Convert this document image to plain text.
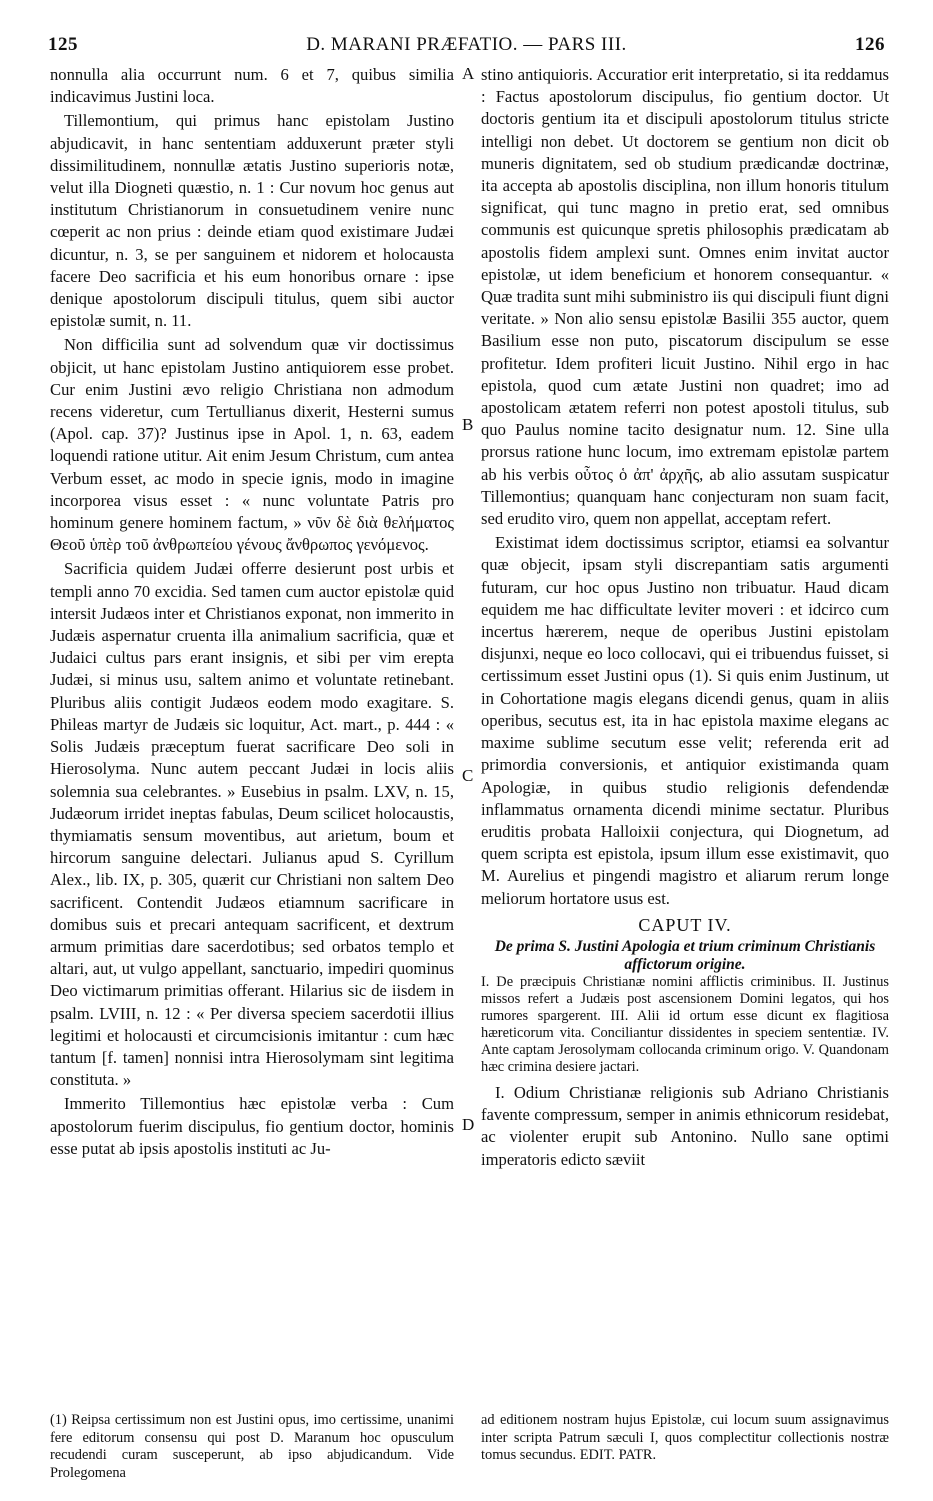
125	D. MARANI PRÆFATIO. — PARS III.	126
A
B
C
D

nonnulla alia occurrunt num. 6 et 7, quibus similia indicavimus Justini loca.

Tillemontium, qui primus hanc epistolam Justino abjudicavit, in hanc sententiam adduxerunt præter styli dissimilitudinem, nonnullæ ætatis Justino superioris notæ, velut illa Diogneti quæstio, n. 1 : Cur novum hoc genus aut institutum Christianorum in consuetudinem venire nunc cœperit ac non prius : deinde etiam quod existimare Judæi dicuntur, n. 3, se per sanguinem et nidorem et holocausta facere Deo sacrificia et his eum honoribus ornare : ipse denique apostolorum discipuli titulus, quem sibi auctor epistolæ sumit, n. 11.

Non difficilia sunt ad solvendum quæ vir doctissimus objicit, ut hanc epistolam Justino antiquiorem esse probet. Cur enim Justini ævo religio Christiana non admodum recens videretur, cum Tertullianus dixerit, Hesterni sumus (Apol. cap. 37)? Justinus ipse in Apol. 1, n. 63, eadem loquendi ratione utitur. Ait enim Jesum Christum, cum antea Verbum esset, ac modo in specie ignis, modo in imagine incorporea visus esset : « nunc voluntate Patris pro hominum genere hominem factum, » νῦν δὲ διὰ θελήματος Θεοῦ ὑπὲρ τοῦ ἀνθρωπείου γένους ἄνθρωπος γενόμενος.

Sacrificia quidem Judæi offerre desierunt post urbis et templi anno 70 excidia. Sed tamen cum auctor epistolæ quid intersit Judæos inter et Christianos exponat, non immerito in Judæis aspernatur cruenta illa animalium sacrificia, quæ et Judaici cultus pars erant insignis, et sibi per vim erepta Judæi, si minus usu, saltem animo et voluntate retinebant. Pluribus aliis contigit Judæos eodem modo exagitare. S. Phileas martyr de Judæis sic loquitur, Act. mart., p. 444 : « Solis Judæis præceptum fuerat sacrificare Deo soli in Hierosolyma. Nunc autem peccant Judæi in locis aliis solemnia sua celebrantes. » Eusebius in psalm. LXV, n. 15, Judæorum irridet ineptas fabulas, Deum scilicet holocaustis, thymiamatis sensum moventibus, aut arietum, boum et hircorum sanguine delectari. Julianus apud S. Cyrillum Alex., lib. IX, p. 305, quærit cur Christiani non saltem Deo sacrificent. Contendit Judæos etiamnum sacrificare in domibus suis et precari antequam sacrificent, et dextrum armum primitias dare sacerdotibus; sed orbatos templo et altari, aut, ut vulgo appellant, sanctuario, impediri quominus Deo victimarum primitias offerant. Hilarius sic de iisdem in psalm. LVIII, n. 12 : « Per diversa speciem sacerdotii illius legitimi et holocausti et circumcisionis imitantur : cum hæc tantum [f. tamen] nonnisi intra Hierosolymam sint legitima constituta. »

Immerito Tillemontius hæc epistolæ verba : Cum apostolorum fuerim discipulus, fio gentium doctor, hominis esse putat ab ipsis apostolis instituti ac Ju-

stino antiquioris. Accuratior erit interpretatio, si ita reddamus : Factus apostolorum discipulus, fio gentium doctor. Ut doctoris gentium ita et discipuli apostolorum titulus stricte intelligi non debet. Ut doctorem se gentium non dicit ob muneris dignitatem, sed ob studium prædicandæ doctrinæ, ita accepta ab apostolis disciplina, non illum honoris titulum significat, qui tunc magno in pretio erat, sed omnibus communis est quicunque spretis philosophis prædicatam ab apostolis fidem amplexi sunt. Omnes enim invitat auctor epistolæ, ut idem beneficium et honorem consequantur. « Quæ tradita sunt mihi subministro iis qui discipuli fiunt digni veritate. » Non alio sensu epistolæ Basilii 355 auctor, quem Basilium esse non puto, piscatorum discipulum se esse profitetur. Idem profiteri licuit Justino. Nihil ergo in hac epistola, quod cum ætate Justini non quadret; imo ad apostolicam ætatem referri non potest apostoli titulus, sub quo Paulus nomine tacito designatur num. 12. Sine ulla prorsus ratione hunc locum, imo extremam epistolæ partem ab his verbis οὗτος ὁ ἀπ' ἀρχῆς, ab alio assutam suspicatur Tillemontius; quanquam hanc conjecturam non suam facit, sed erudito viro, quem non appellat, acceptam refert.

Existimat idem doctissimus scriptor, etiamsi ea solvantur quæ objecit, ipsam styli discrepantiam satis argumenti futuram, cur hoc opus Justino non tribuatur. Haud dicam equidem me hac difficultate leviter moveri : et idcirco cum incertus hærerem, neque de operibus Justini epistolam disjunxi, neque eo loco collocavi, qui ei tribuendus fuisset, si certissimum esset Justini opus (1). Si quis enim Justinum, ut in Cohortatione magis elegans dicendi genus, quam in aliis operibus, secutus est, ita in hac epistola maxime elegans ac maxime sublime secutum esse velit; referenda erit ad primordia conversionis, et antiquior existimanda quam Apologiæ, in quibus studio religionis defendendæ inflammatus ornamenta dicendi minime sectatur. Pluribus eruditis probata Halloixii conjectura, qui Diognetum, ad quem scripta est epistola, ipsum illum esse existimavit, quo M. Aurelius et pingendi magistro et aliarum rerum longe meliorum hortatore usus est.

CAPUT IV.
De prima S. Justini Apologia et trium criminum Christianis affictorum origine.

I. De præcipuis Christianæ nomini afflictis criminibus. II. Justinus missos refert a Judæis post ascensionem Domini legatos, qui hos rumores spargerent. III. Alii id ortum esse dicunt ex flagitiosa hæreticorum vita. Conciliantur dissidentes in speciem sententiæ. IV. Ante captam Jerosolymam collocanda criminum origo. V. Quandonam hæc crimina desiere jactari.

I. Odium Christianæ religionis sub Adriano Christianis favente compressum, semper in animis ethnicorum residebat, ac violenter erupit sub Antonino. Nullo sane optimi imperatoris edicto sæviit

(1) Reipsa certissimum non est Justini opus, imo certissime, unanimi fere editorum consensu qui post D. Maranum hoc opusculum recudendi curam susceperunt, ab ipso abjudicandum. Vide Prolegomena
ad editionem nostram hujus Epistolæ, cui locum suum assignavimus inter scripta Patrum sæculi I, quos complectitur collectionis nostræ tomus secundus. EDIT. PATR.
